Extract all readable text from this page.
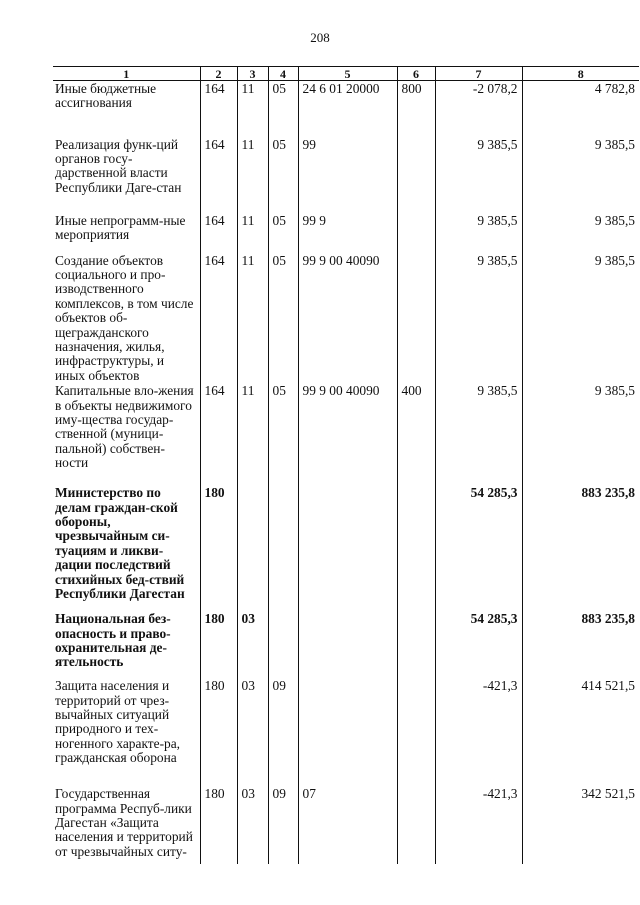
208
1	2	3	4	5	6	7	8
Иные бюджетные ассигнования	164	11	05	24 6 01 20000	800	-2 078,2	4 782,8
Реализация функ-ций органов госу-дарственной власти Республики Даге-стан	164	11	05	99		9 385,5	9 385,5
Иные непрограмм-ные мероприятия	164	11	05	99 9		9 385,5	9 385,5
Создание объектов социального и про-изводственного комплексов, в том числе объектов об-щегражданского назначения, жилья, инфраструктуры, и иных объектов	164	11	05	99 9 00 40090		9 385,5	9 385,5
Капитальные вло-жения в объекты недвижимого иму-щества государ-ственной (муници-пальной) собствен-ности	164	11	05	99 9 00 40090	400	9 385,5	9 385,5
Министерство по делам граждан-ской обороны, чрезвычайным си-туациям и ликви-дации последствий стихийных бед-ствий Республики Дагестан	180					54 285,3	883 235,8
Национальная без-опасность и право-охранительная де-ятельность	180	03				54 285,3	883 235,8
Защита населения и территорий от чрез-вычайных ситуаций природного и тех-ногенного характе-ра, гражданская оборона	180	03	09			-421,3	414 521,5
Государственная программа Респуб-лики Дагестан «Защита населения и территорий от чрезвычайных ситу-	180	03	09	07		-421,3	342 521,5
